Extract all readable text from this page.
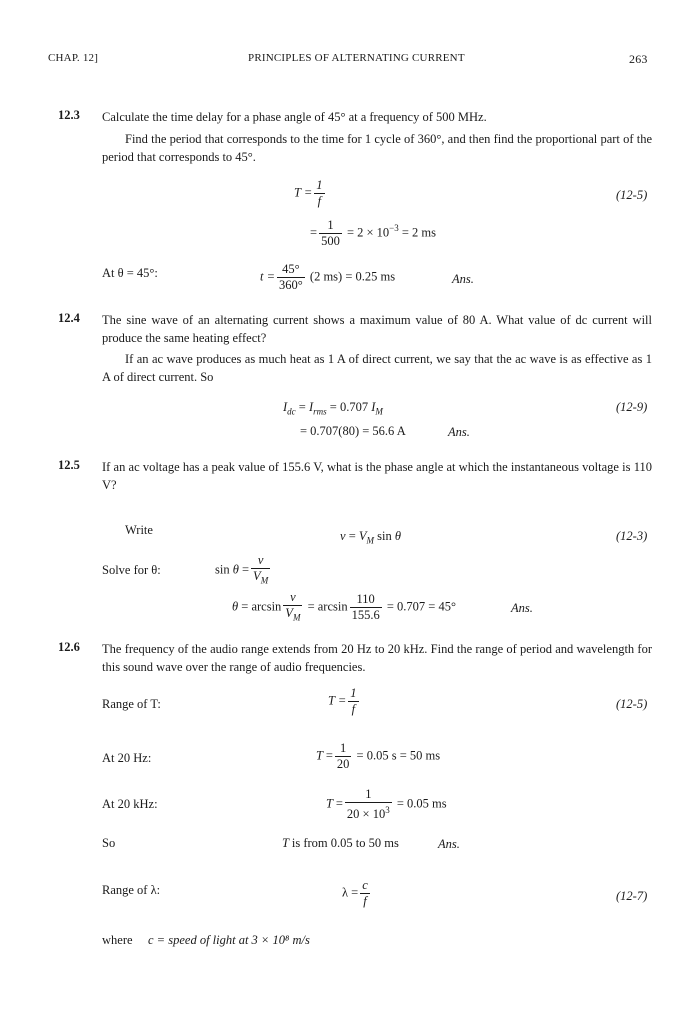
CHAP. 12]	PRINCIPLES OF ALTERNATING CURRENT	263
12.3 Calculate the time delay for a phase angle of 45° at a frequency of 500 MHz.
Find the period that corresponds to the time for 1 cycle of 360°, and then find the proportional part of the period that corresponds to 45°.
$T = \frac{1}{f}$	(12-5)
= $\frac{1}{500} = 2 \times 10^{-3} = 2$ ms
At θ = 45°:	$t = \frac{45^\circ}{360^\circ} (2$ ms) = 0.25 ms	Ans.
12.4 The sine wave of an alternating current shows a maximum value of 80 A. What value of dc current will produce the same heating effect?
If an ac wave produces as much heat as 1 A of direct current, we say that the ac wave is as effective as 1 A of direct current. So
$I_{dc} = I_{rms} = 0.707$ $I_M$	(12-9)
= 0.707(80) = 56.6 A	Ans.
12.5 If an ac voltage has a peak value of 155.6 V, what is the phase angle at which the instantaneous voltage is 110 V?
Write	$v = V_M$ sin θ	(12-3)
Solve for θ:	$\sin \theta = \frac{v}{V_M}$
$\theta = \arcsin \frac{v}{V_M} = \arcsin \frac{110}{155.6} = 0.707 = 45^\circ$	Ans.
12.6 The frequency of the audio range extends from 20 Hz to 20 kHz. Find the range of period and wavelength for this sound wave over the range of audio frequencies.
Range of T:	$T = \frac{1}{f}$	(12-5)
At 20 Hz:	$T = \frac{1}{20} = 0.05$ s = 50 ms
At 20 kHz:	$T = \frac{1}{20 \times 10^3} = 0.05$ ms
So	T is from 0.05 to 50 ms	Ans.
Range of λ:	$\lambda = \frac{c}{f}$	(12-7)
where c = speed of light at 3 × 10⁸ m/s
